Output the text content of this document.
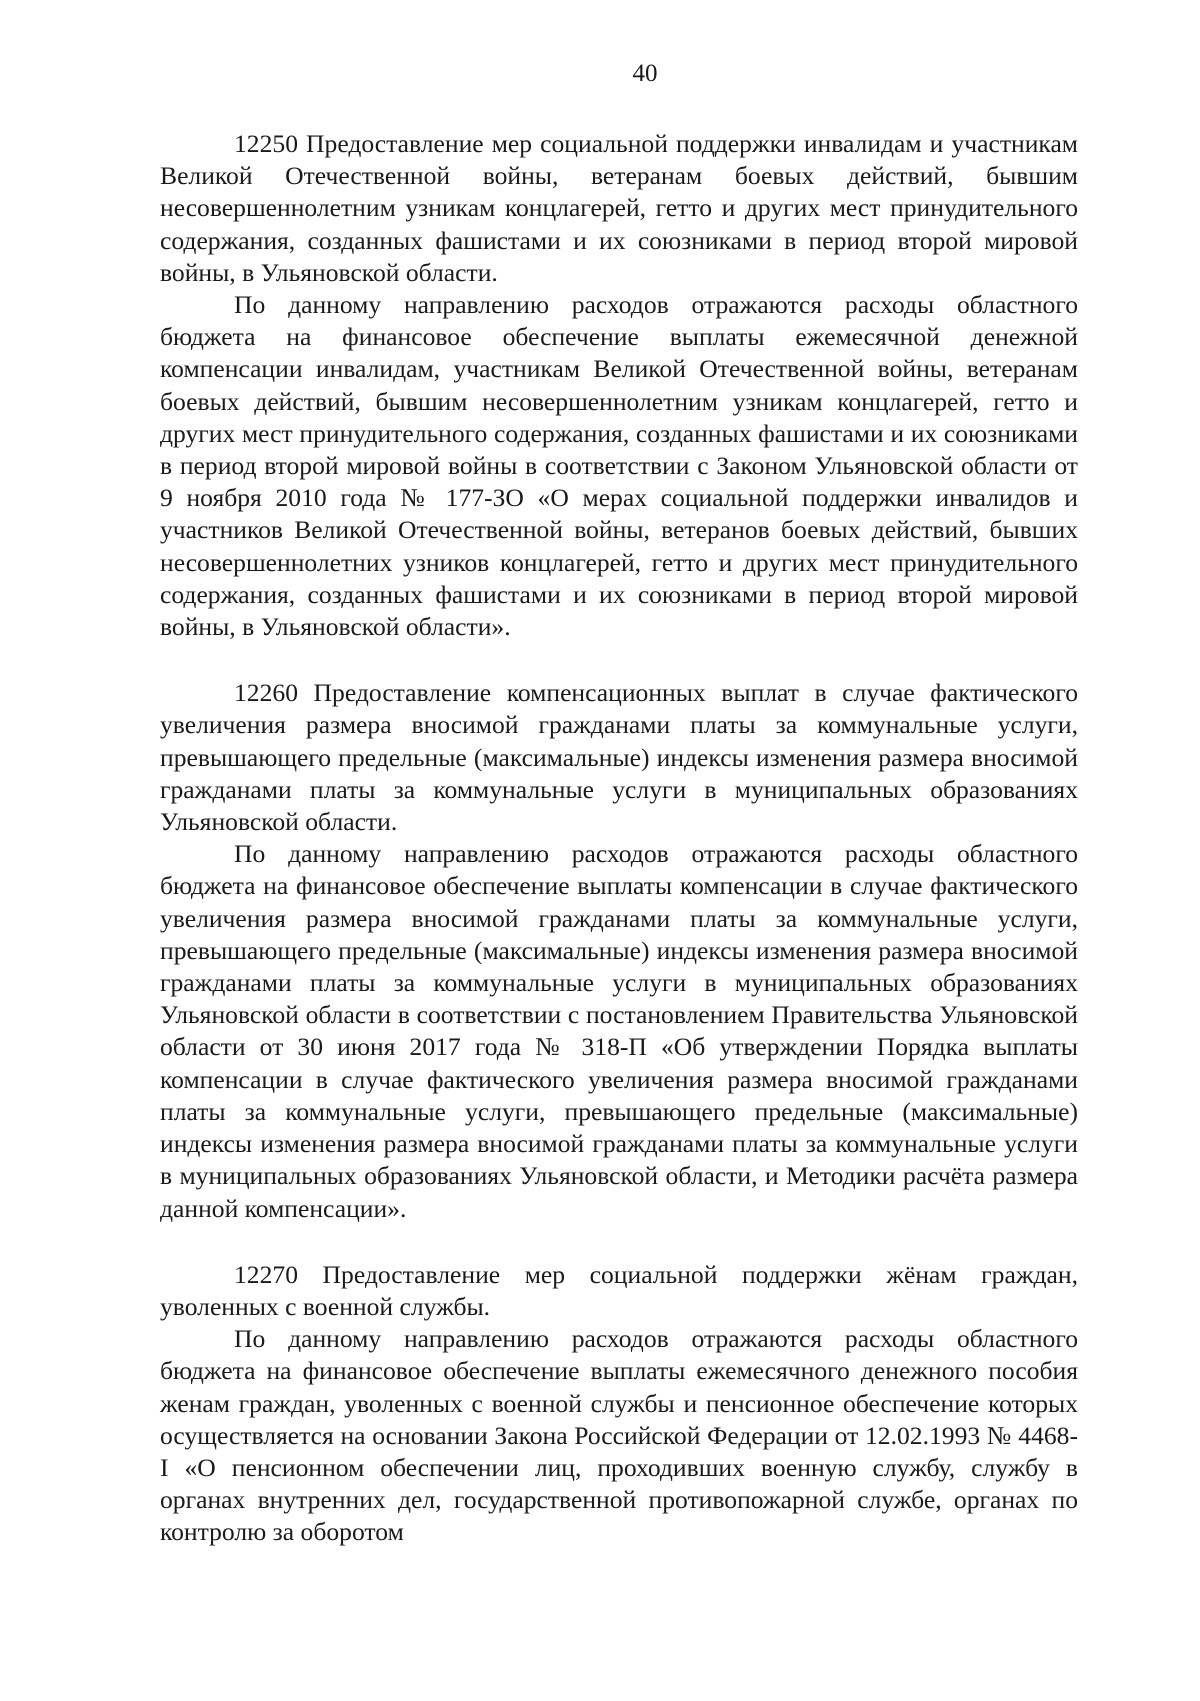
40

12250 Предоставление мер социальной поддержки инвалидам и участникам Великой Отечественной войны, ветеранам боевых действий, бывшим несовершеннолетним узникам концлагерей, гетто и других мест принудительного содержания, созданных фашистами и их союзниками в период второй мировой войны, в Ульяновской области.

По данному направлению расходов отражаются расходы областного бюджета на финансовое обеспечение выплаты ежемесячной денежной компенсации инвалидам, участникам Великой Отечественной войны, ветеранам боевых действий, бывшим несовершеннолетним узникам концлагерей, гетто и других мест принудительного содержания, созданных фашистами и их союзниками в период второй мировой войны в соответствии с Законом Ульяновской области от 9 ноября 2010 года № 177-ЗО «О мерах социальной поддержки инвалидов и участников Великой Отечественной войны, ветеранов боевых действий, бывших несовершеннолетних узников концлагерей, гетто и других мест принудительного содержания, созданных фашистами и их союзниками в период второй мировой войны, в Ульяновской области».

12260 Предоставление компенсационных выплат в случае фактического увеличения размера вносимой гражданами платы за коммунальные услуги, превышающего предельные (максимальные) индексы изменения размера вносимой гражданами платы за коммунальные услуги в муниципальных образованиях Ульяновской области.

По данному направлению расходов отражаются расходы областного бюджета на финансовое обеспечение выплаты компенсации в случае фактического увеличения размера вносимой гражданами платы за коммунальные услуги, превышающего предельные (максимальные) индексы изменения размера вносимой гражданами платы за коммунальные услуги в муниципальных образованиях Ульяновской области в соответствии с постановлением Правительства Ульяновской области от 30 июня 2017 года № 318-П «Об утверждении Порядка выплаты компенсации в случае фактического увеличения размера вносимой гражданами платы за коммунальные услуги, превышающего предельные (максимальные) индексы изменения размера вносимой гражданами платы за коммунальные услуги в муниципальных образованиях Ульяновской области, и Методики расчёта размера данной компенсации».

12270 Предоставление мер социальной поддержки жёнам граждан, уволенных с военной службы.

По данному направлению расходов отражаются расходы областного бюджета на финансовое обеспечение выплаты ежемесячного денежного пособия женам граждан, уволенных с военной службы и пенсионное обеспечение которых осуществляется на основании Закона Российской Федерации от 12.02.1993 № 4468-I «О пенсионном обеспечении лиц, проходивших военную службу, службу в органах внутренних дел, государственной противопожарной службе, органах по контролю за оборотом
